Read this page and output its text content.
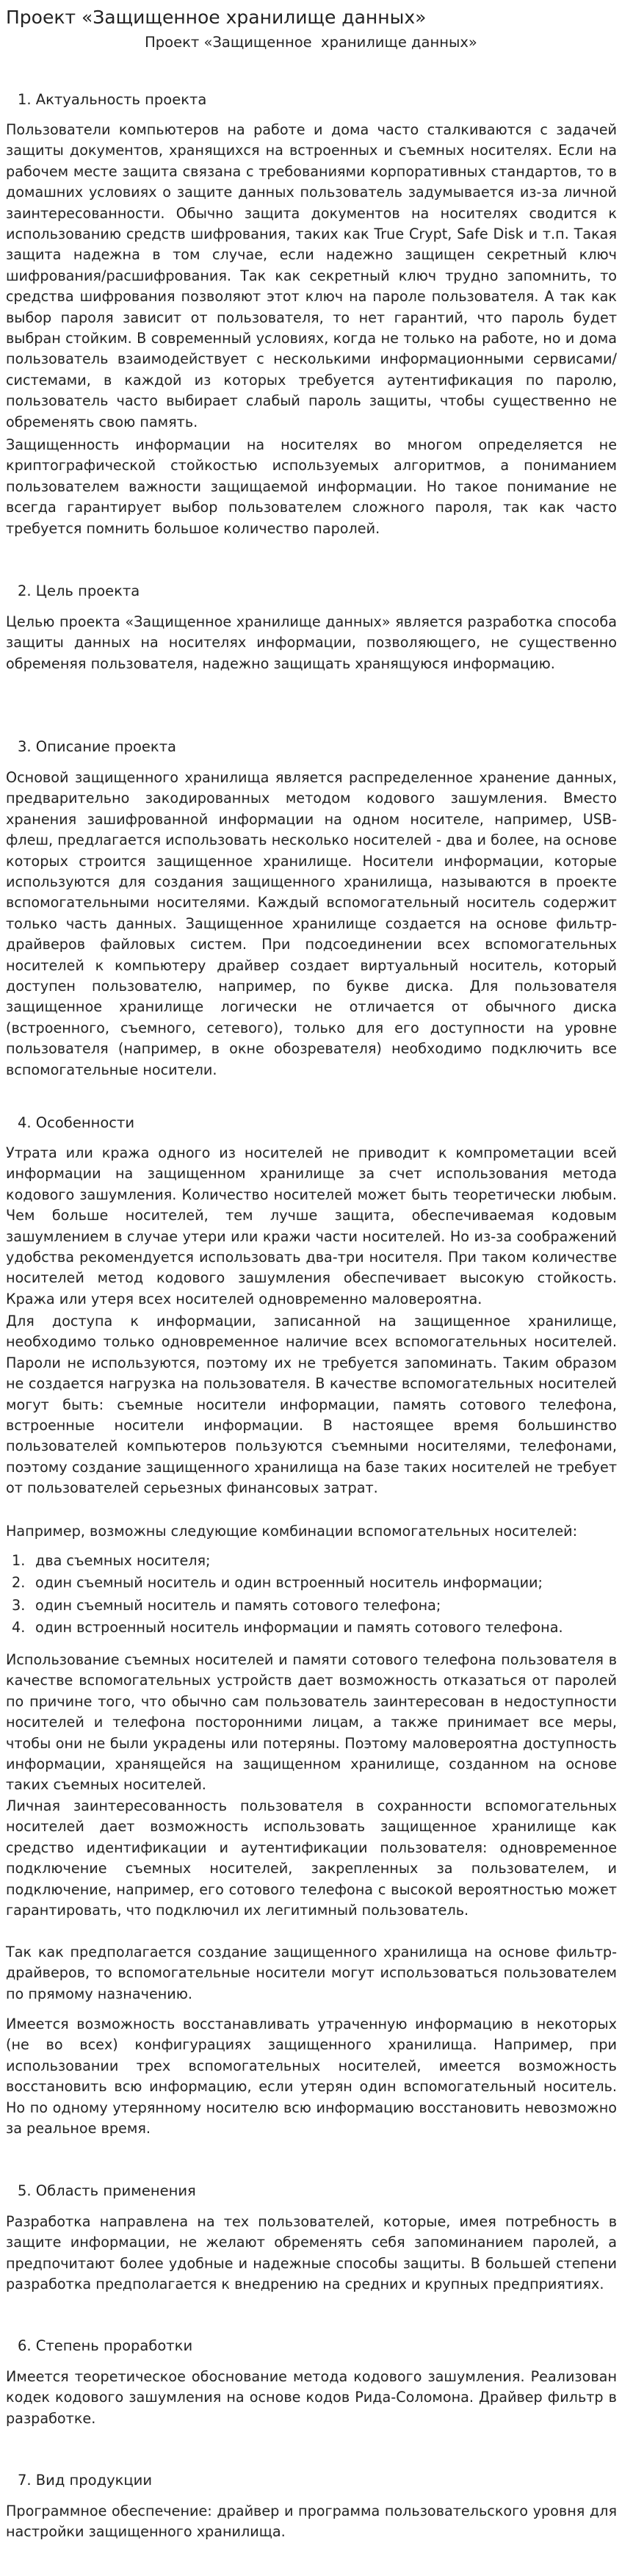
Проект «Защищенное хранилище данных»
Проект «Защищенное  хранилище данных»
1. Актуальность проекта

Пользователи компьютеров на работе и дома часто сталкиваются с задачей защиты документов, хранящихся на встроенных и съемных носителях. Если на рабочем месте защита связана с требованиями корпоративных стандартов, то в домашних условиях о защите данных пользователь задумывается из-за личной заинтересованности. Обычно защита документов на носителях сводится к использованию средств шифрования, таких как True Crypt, Safe Disk и т.п. Такая защита надежна в том случае, если надежно защищен секретный ключ шифрования/расшифрования. Так как секретный ключ трудно запомнить, то средства шифрования позволяют этот ключ на пароле пользователя. А так как выбор пароля зависит от пользователя, то нет гарантий, что пароль будет выбран стойким. В современный условиях, когда не только на работе, но и дома пользователь взаимодействует с несколькими информационными сервисами/системами, в каждой из которых требуется аутентификация по паролю, пользователь часто выбирает слабый пароль защиты, чтобы существенно не обременять свою память.

Защищенность информации на носителях во многом определяется не криптографической стойкостью используемых алгоритмов, а пониманием пользователем важности защищаемой информации. Но такое понимание не всегда гарантирует выбор пользователем сложного пароля, так как часто требуется помнить большое количество паролей.

2. Цель проекта

Целью проекта «Защищенное хранилище данных» является разработка способа защиты данных на носителях информации, позволяющего, не существенно обременяя пользователя, надежно защищать хранящуюся информацию.

3. Описание проекта

Основой защищенного хранилища является распределенное хранение данных, предварительно закодированных методом кодового зашумления. Вместо хранения зашифрованной информации на одном носителе, например, USB-флеш, предлагается использовать несколько носителей - два и более, на основе которых строится защищенное хранилище. Носители информации, которые используются для создания защищенного хранилища, называются в проекте вспомогательными носителями. Каждый вспомогательный носитель содержит только часть данных. Защищенное хранилище создается на основе фильтр-драйверов файловых систем. При подсоединении всех вспомогательных носителей к компьютеру драйвер создает виртуальный носитель, который доступен пользователю, например, по букве диска. Для пользователя защищенное хранилище логически не отличается от обычного диска (встроенного, съемного, сетевого), только для его доступности на уровне пользователя (например, в окне обозревателя) необходимо подключить все вспомогательные носители.

4. Особенности

Утрата или кража одного из носителей не приводит к компрометации всей информации на защищенном хранилище за счет использования метода кодового зашумления. Количество носителей может быть теоретически любым. Чем больше носителей, тем лучше защита, обеспечиваемая кодовым зашумлением в случае утери или кражи части носителей. Но из-за соображений удобства рекомендуется использовать два-три носителя. При таком количестве носителей метод кодового зашумления обеспечивает высокую стойкость. Кража или утеря всех носителей одновременно маловероятна.

Для доступа к информации, записанной на защищенное хранилище, необходимо только одновременное наличие всех вспомогательных носителей. Пароли не используются, поэтому их не требуется запоминать. Таким образом не создается нагрузка на пользователя. В качестве вспомогательных носителей могут быть: съемные носители информации, память сотового телефона, встроенные носители информации. В настоящее время большинство пользователей компьютеров пользуются съемными носителями, телефонами, поэтому создание защищенного хранилища на базе таких носителей не требует от пользователей серьезных финансовых затрат.

Например, возможны следующие комбинации вспомогательных носителей:

1. два съемных носителя;
2. один съемный носитель и один встроенный носитель информации;
3. один съемный носитель и память сотового телефона;
4. один встроенный носитель информации и память сотового телефона.

Использование съемных носителей и памяти сотового телефона пользователя в качестве вспомогательных устройств дает возможность отказаться от паролей по причине того, что обычно сам пользователь заинтересован в недоступности носителей и телефона посторонними лицам, а также принимает все меры, чтобы они не были украдены или потеряны. Поэтому маловероятна доступность информации, хранящейся на защищенном хранилище, созданном на основе таких съемных носителей.

Личная заинтересованность пользователя в сохранности вспомогательных носителей дает возможность использовать защищенное хранилище как средство идентификации и аутентификации пользователя: одновременное подключение съемных носителей, закрепленных за пользователем, и подключение, например, его сотового телефона с высокой вероятностью может гарантировать, что подключил их легитимный пользователь.

Так как предполагается создание защищенного хранилища на основе фильтр-драйверов, то вспомогательные носители могут использоваться пользователем по прямому назначению.

Имеется возможность восстанавливать утраченную информацию в некоторых (не во всех) конфигурациях защищенного хранилища. Например, при использовании трех вспомогательных носителей, имеется возможность восстановить всю информацию, если утерян один вспомогательный носитель. Но по одному утерянному носителю всю информацию восстановить невозможно за реальное время.

5. Область применения

Разработка направлена на тех пользователей, которые, имея потребность в защите информации, не желают обременять себя запоминанием паролей, а предпочитают более удобные и надежные способы защиты. В большей степени разработка предполагается к внедрению на средних и крупных предприятиях.

6. Степень проработки

Имеется теоретическое обоснование метода кодового зашумления. Реализован кодек кодового зашумления на основе кодов Рида-Соломона. Драйвер фильтр в разработке.

7. Вид продукции

Программное обеспечение: драйвер и программа пользовательского уровня для настройки защищенного хранилища.
